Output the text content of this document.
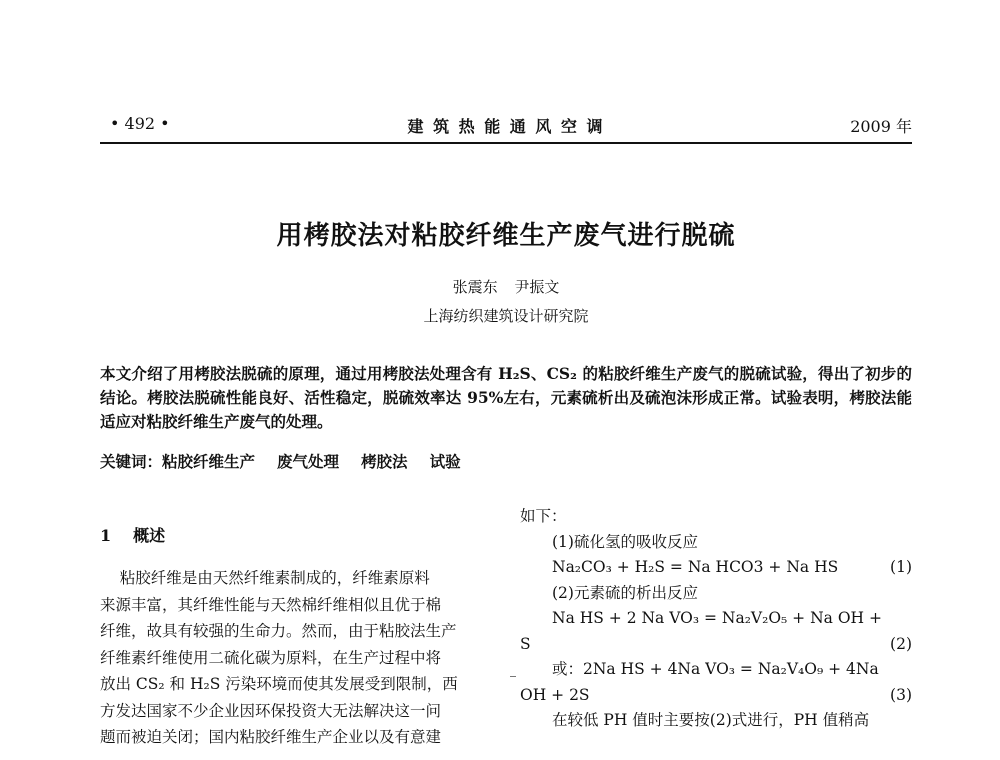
• 492 •	建 筑 热 能 通 风 空 调	2009 年
用栲胶法对粘胶纤维生产废气进行脱硫
张震东 尹振文
上海纺织建筑设计研究院

本文介绍了用栲胶法脱硫的原理，通过用栲胶法处理含有 H₂S、CS₂ 的粘胶纤维生产废气的脱硫试验，得出了初步的结论。栲胶法脱硫性能良好、活性稳定，脱硫效率达 95%左右，元素硫析出及硫泡沫形成正常。试验表明，栲胶法能适应对粘胶纤维生产废气的处理。

关键词：粘胶纤维生产 废气处理 栲胶法 试验
1 概述
粘胶纤维是由天然纤维素制成的，纤维素原料
来源丰富，其纤维性能与天然棉纤维相似且优于棉
纤维，故具有较强的生命力。然而，由于粘胶法生产
纤维素纤维使用二硫化碳为原料，在生产过程中将
放出 CS₂ 和 H₂S 污染环境而使其发展受到限制，西
方发达国家不少企业因环保投资大无法解决这一问
题而被迫关闭；国内粘胶纤维生产企业以及有意建
如下：
(1)硫化氢的吸收反应
Na₂CO₃ + H₂S = Na HCO3 + Na HS	(1)
(2)元素硫的析出反应
Na HS + 2 Na VO₃ = Na₂V₂O₅ + Na OH +
S	(2)
或：2Na HS + 4Na VO₃ = Na₂V₄O₉ + 4Na
OH + 2S	(3)
在较低 PH 值时主要按(2)式进行，PH 值稍高
